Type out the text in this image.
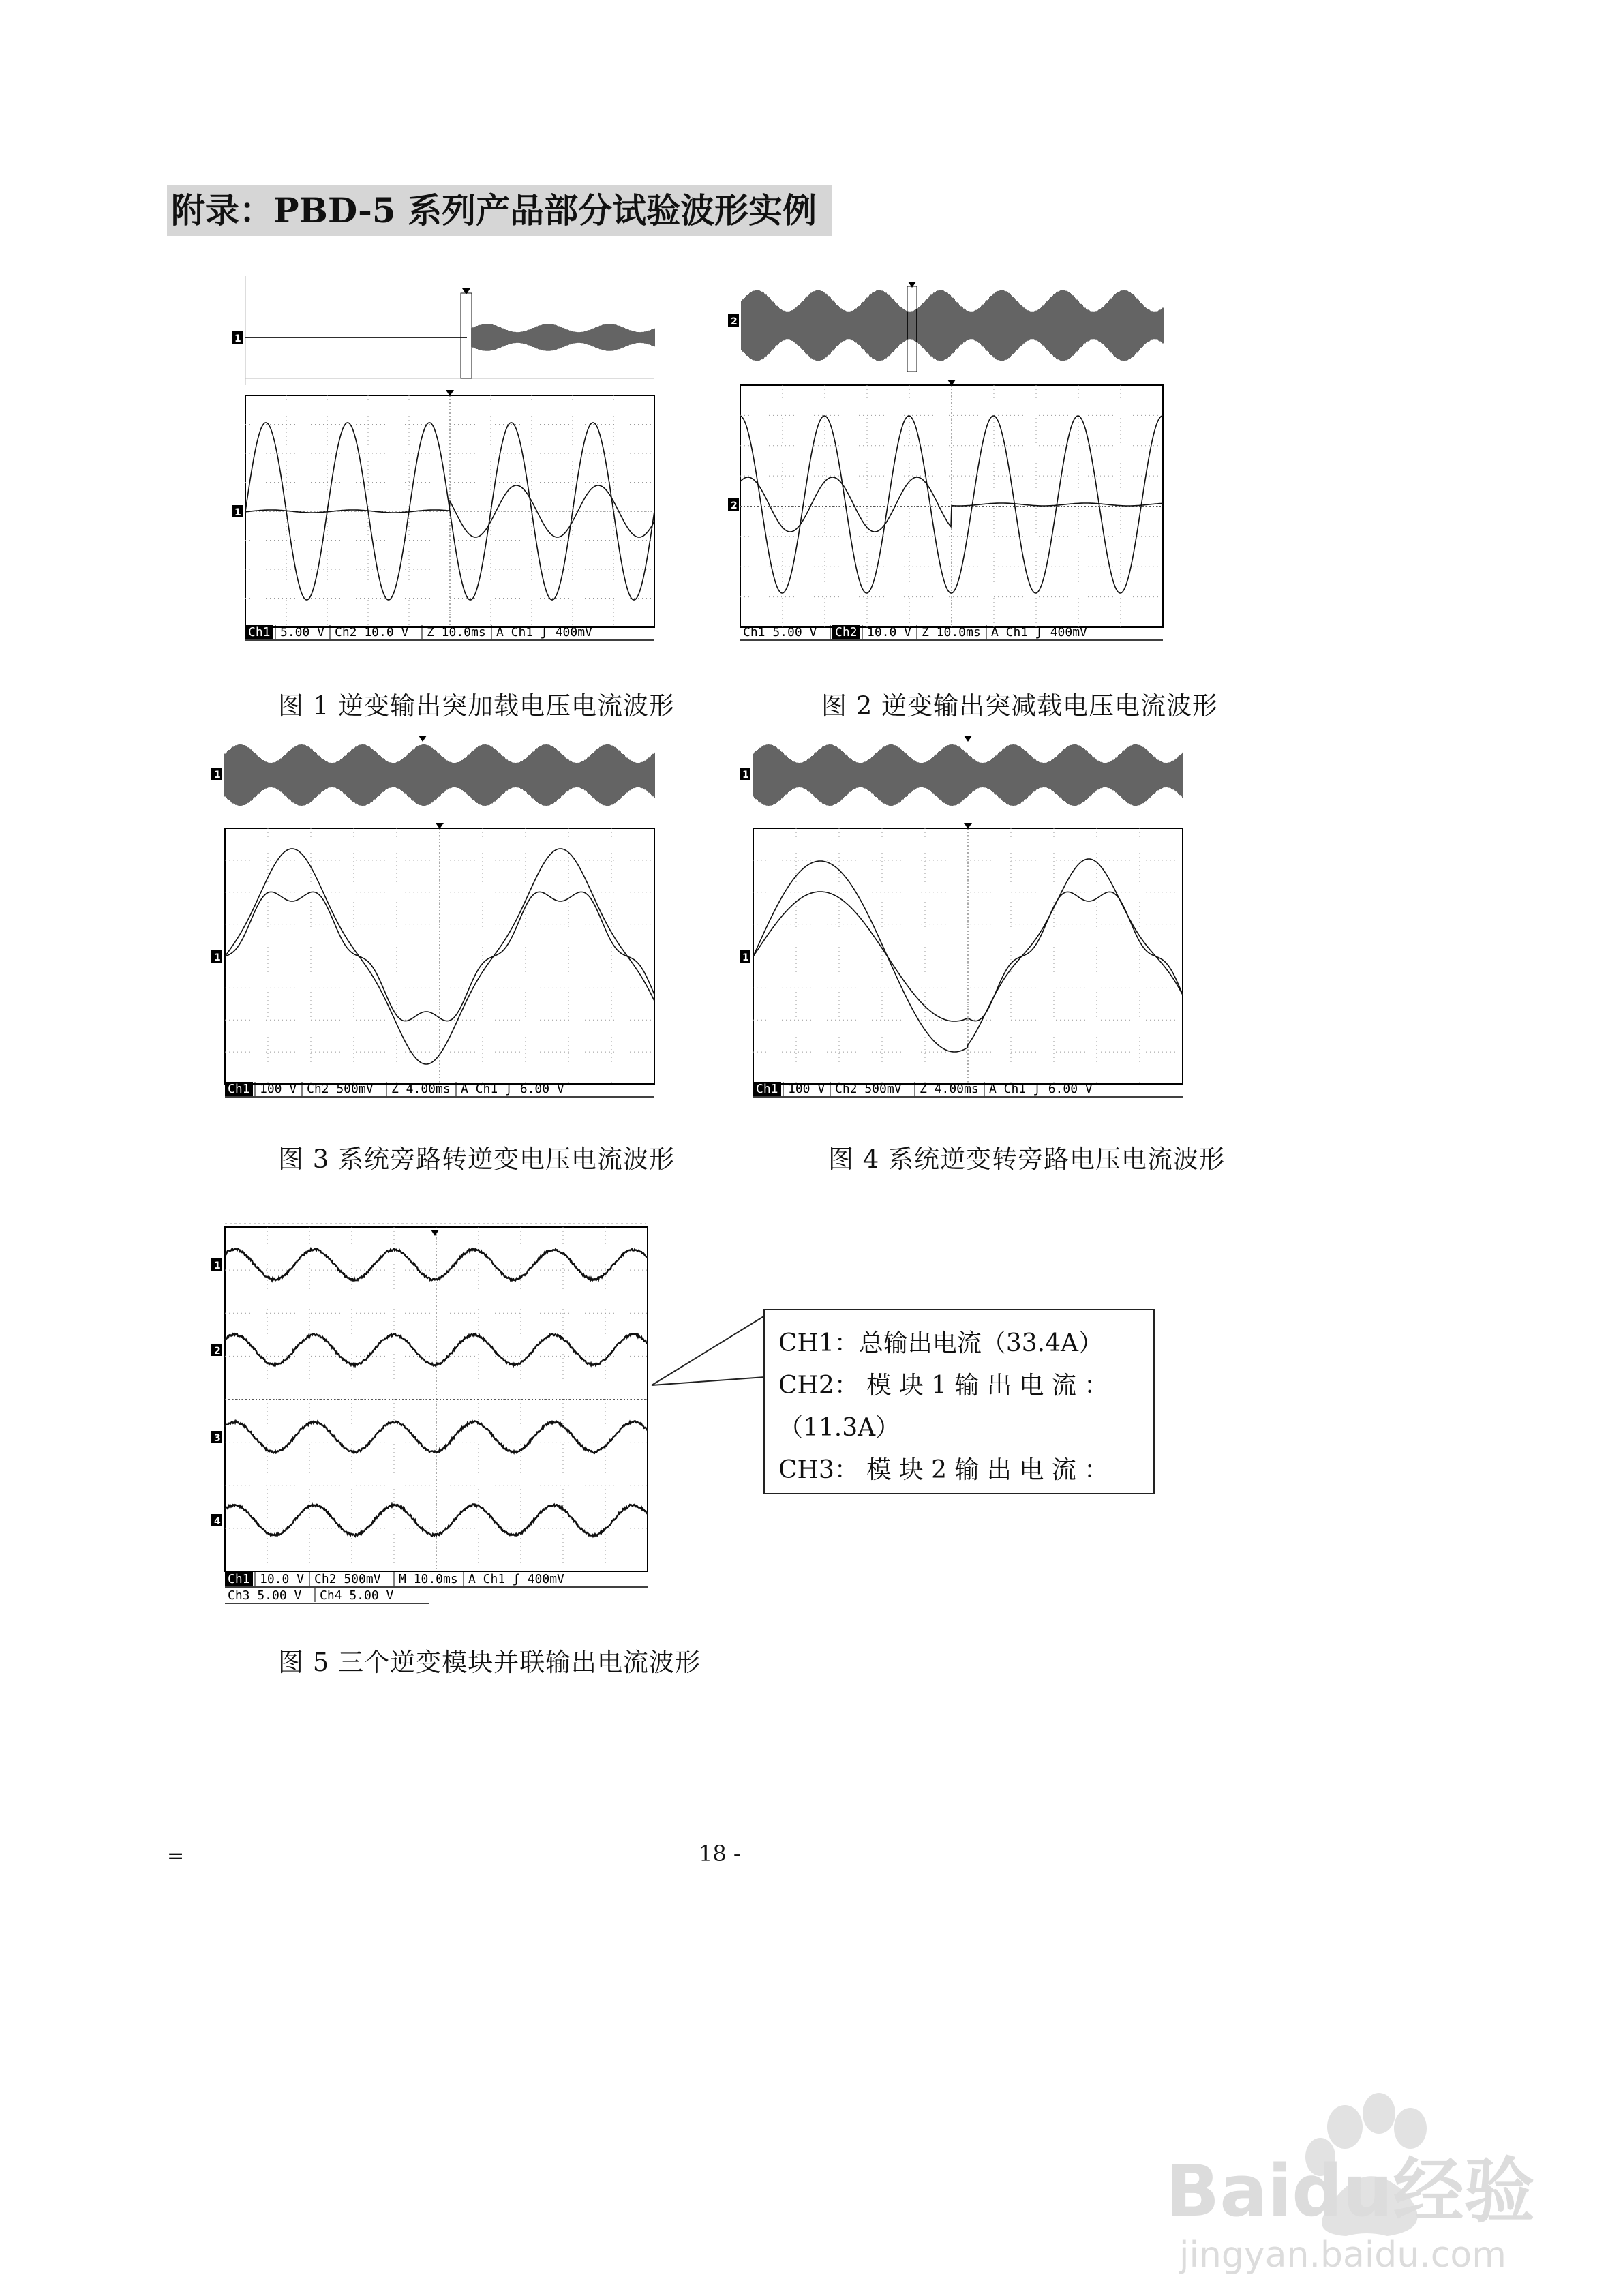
附录：PBD-5 系列产品部分试验波形实例
1
1
Ch1 5.00 V Ch2 10.0 V Z 10.0ms A Ch1 ʃ 400mV
图 1 逆变输出突加载电压电流波形
2
2
Ch1 5.00 V Ch2 10.0 V Z 10.0ms A Ch1 ʃ 400mV
图 2 逆变输出突减载电压电流波形
1
1
Ch1 100 V Ch2 500mV Z 4.00ms A Ch1 ʃ 6.00 V
图 3 系统旁路转逆变电压电流波形
1
1
Ch1 100 V Ch2 500mV Z 4.00ms A Ch1 ʃ 6.00 V
图 4 系统逆变转旁路电压电流波形
1
2
3
4
Ch1 10.0 V Ch2 500mV M 10.0ms A Ch1 ʃ 400mV
Ch3 5.00 V Ch4 5.00 V
图 5 三个逆变模块并联输出电流波形
CH1：总输出电流（33.4A）
CH2： 模 块 1 输 出 电 流 ：
（11.3A）
CH3： 模 块 2 输 出 电 流 ：
=	18 -
Baidu经验
jingyan.baidu.com
